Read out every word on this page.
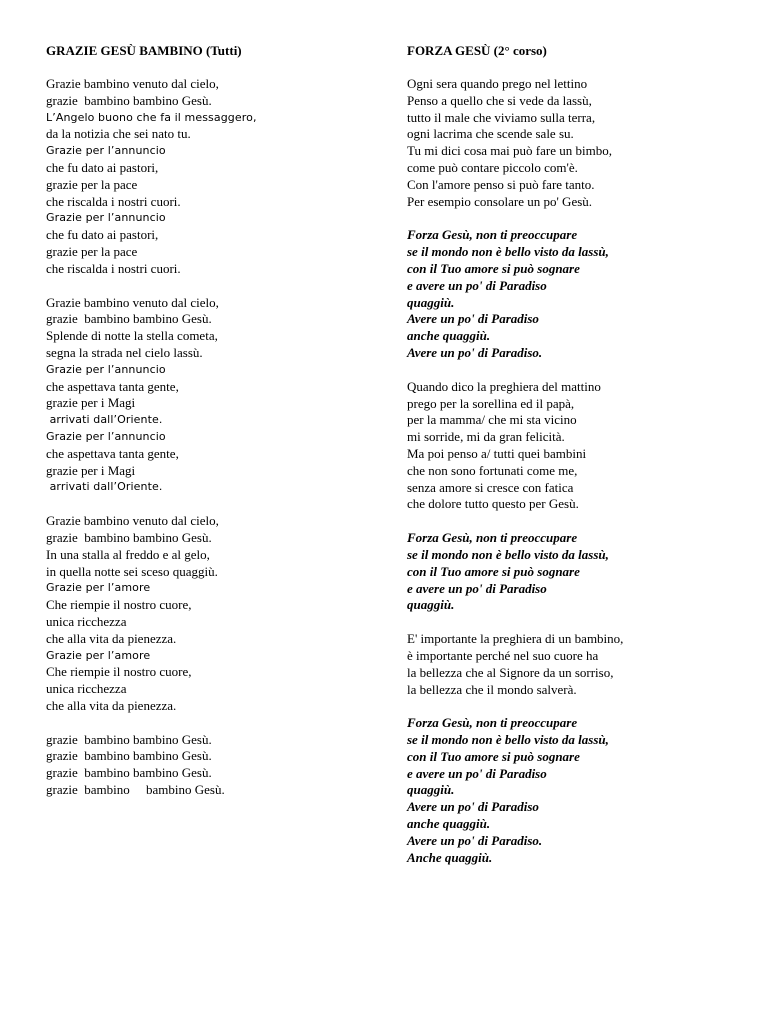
GRAZIE GESÙ BAMBINO (Tutti)
Grazie bambino venuto dal cielo,
grazie  bambino bambino Gesù.
L’Angelo buono che fa il messaggero,
da la notizia che sei nato tu.
Grazie per l’annuncio
che fu dato ai pastori,
grazie per la pace
che riscalda i nostri cuori.
Grazie per l’annuncio
che fu dato ai pastori,
grazie per la pace
che riscalda i nostri cuori.
Grazie bambino venuto dal cielo,
grazie  bambino bambino Gesù.
Splende di notte la stella cometa,
segna la strada nel cielo lassù.
Grazie per l’annuncio
che aspettava tanta gente,
grazie per i Magi
arrivati dall’Oriente.
Grazie per l’annuncio
che aspettava tanta gente,
grazie per i Magi
arrivati dall’Oriente.
Grazie bambino venuto dal cielo,
grazie  bambino bambino Gesù.
In una stalla al freddo e al gelo,
in quella notte sei sceso quaggiù.
Grazie per l’amore
Che riempie il nostro cuore,
unica ricchezza
che alla vita da pienezza.
Grazie per l’amore
Che riempie il nostro cuore,
unica ricchezza
che alla vita da pienezza.
grazie  bambino bambino Gesù.
grazie  bambino bambino Gesù.
grazie  bambino bambino Gesù.
grazie  bambino     bambino Gesù.
FORZA GESÙ (2° corso)
Ogni sera quando prego nel lettino
Penso a quello che si vede da lassù,
tutto il male che viviamo sulla terra,
ogni lacrima che scende sale su.
Tu mi dici cosa mai può fare un bimbo,
come può contare piccolo com'è.
Con l'amore penso si può fare tanto.
Per esempio consolare un po' Gesù.
Forza Gesù, non ti preoccupare
se il mondo non è bello visto da lassù,
con il Tuo amore si può sognare
e avere un po' di Paradiso
quaggiù.
Avere un po' di Paradiso
anche quaggiù.
Avere un po' di Paradiso.
Quando dico la preghiera del mattino
prego per la sorellina ed il papà,
per la mamma/ che mi sta vicino
mi sorride, mi da gran felicità.
Ma poi penso a/ tutti quei bambini
che non sono fortunati come me,
senza amore si cresce con fatica
che dolore tutto questo per Gesù.
Forza Gesù, non ti preoccupare
se il mondo non è bello visto da lassù,
con il Tuo amore si può sognare
e avere un po' di Paradiso
quaggiù.
E' importante la preghiera di un bambino,
è importante perché nel suo cuore ha
la bellezza che al Signore da un sorriso,
la bellezza che il mondo salverà.
Forza Gesù, non ti preoccupare
se il mondo non è bello visto da lassù,
con il Tuo amore si può sognare
e avere un po' di Paradiso
quaggiù.
Avere un po' di Paradiso
anche quaggiù.
Avere un po' di Paradiso.
Anche quaggiù.
